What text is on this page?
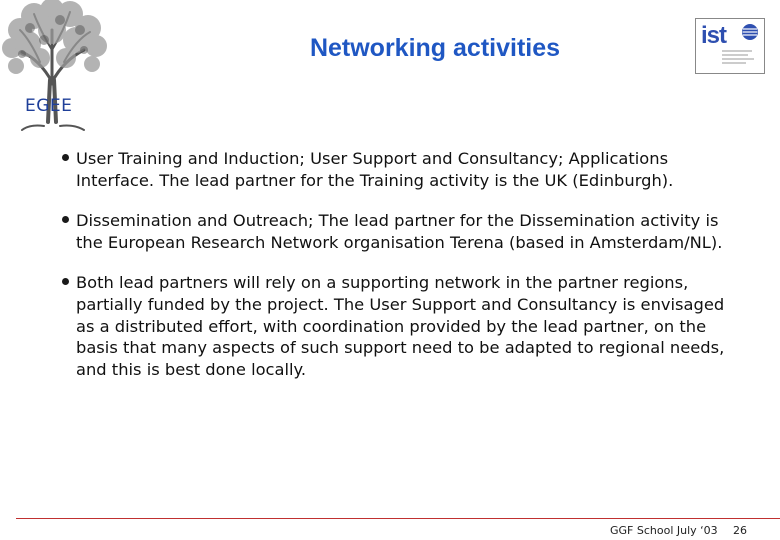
EGEE
Networking activities	ist
User Training and Induction; User Support and Consultancy; Applications Interface. The lead partner for the Training activity is the UK (Edinburgh).
Dissemination and Outreach; The lead partner for the Dissemination activity is the European Research Network organisation Terena (based in Amsterdam/NL).
Both lead partners will rely on a supporting network in the partner regions, partially funded by the project. The User Support and Consultancy is envisaged as a distributed effort, with coordination provided by the lead partner, on the basis that many aspects of such support need to be adapted to regional needs, and this is best done locally.
GGF School July ‘03 26
